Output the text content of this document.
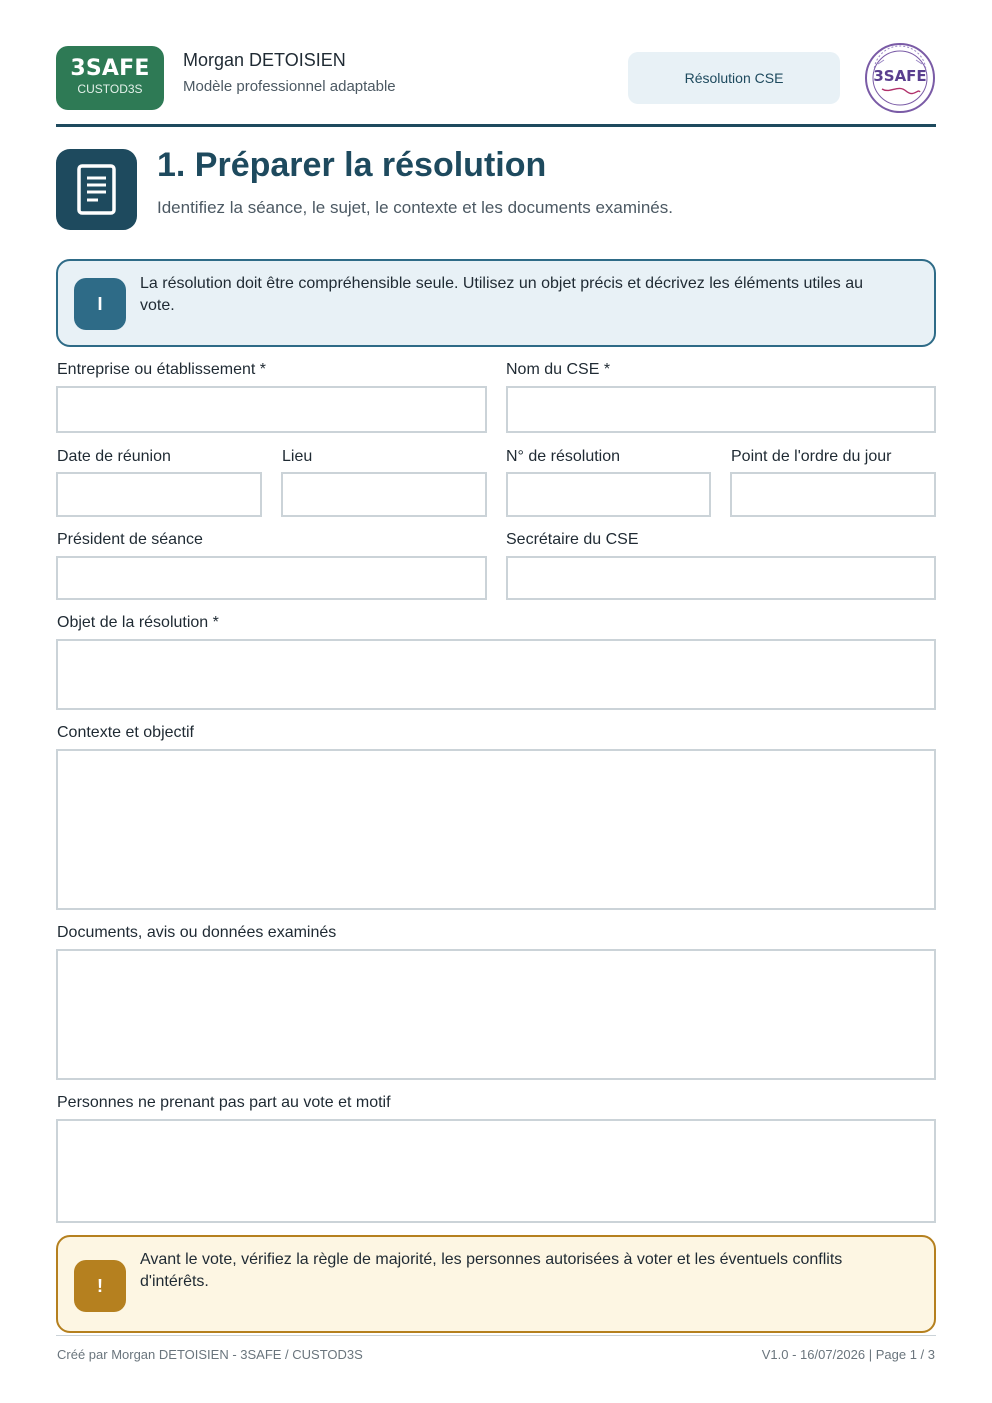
3SAFE
CUSTOD3S
Morgan DETOISIEN
Modèle professionnel adaptable	Résolution CSE	3SAFE
1. Préparer la résolution
Identifiez la séance, le sujet, le contexte et les documents examinés.
I
La résolution doit être compréhensible seule. Utilisez un objet précis et décrivez les éléments utiles au vote.
Entreprise ou établissement *	Nom du CSE *
Date de réunion	Lieu	N° de résolution	Point de l'ordre du jour
Président de séance	Secrétaire du CSE
Objet de la résolution *
Contexte et objectif
Documents, avis ou données examinés
Personnes ne prenant pas part au vote et motif
!
Avant le vote, vérifiez la règle de majorité, les personnes autorisées à voter et les éventuels conflits d'intérêts.
Créé par Morgan DETOISIEN - 3SAFE / CUSTOD3S	V1.0 - 16/07/2026 | Page 1 / 3
